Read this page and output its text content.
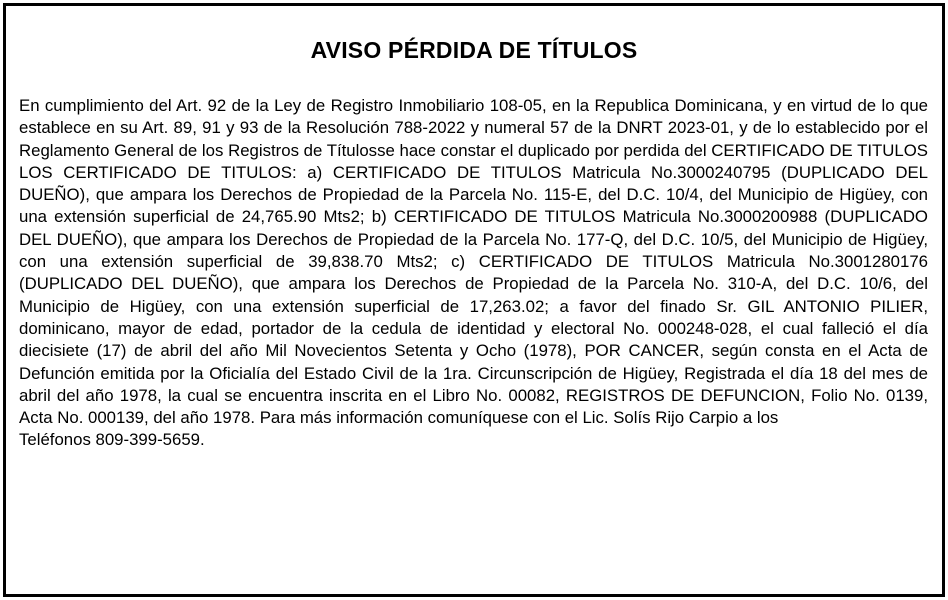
AVISO PÉRDIDA DE TÍTULOS

En cumplimiento del Art. 92 de la Ley de Registro Inmobiliario 108-05, en la Republica Dominicana, y en virtud de lo que establece en su Art. 89, 91 y 93 de la Resolución 788-2022 y numeral 57 de la DNRT 2023-01, y de lo establecido por el Reglamento General de los Registros de Títulosse hace constar el duplicado por perdida del CERTIFICADO DE TITULOS LOS CERTIFICADO DE TITULOS: a) CERTIFICADO DE TITULOS Matricula No.3000240795 (DUPLICADO DEL DUEÑO), que ampara los Derechos de Propiedad de la Parcela No. 115-E, del D.C. 10/4, del Municipio de Higüey, con una extensión superficial de 24,765.90 Mts2; b) CERTIFICADO DE TITULOS Matricula No.3000200988 (DUPLICADO DEL DUEÑO), que ampara los Derechos de Propiedad de la Parcela No. 177-Q, del D.C. 10/5, del Municipio de Higüey, con una extensión superficial de 39,838.70 Mts2; c) CERTIFICADO DE TITULOS Matricula No.3001280176 (DUPLICADO DEL DUEÑO), que ampara los Derechos de Propiedad de la Parcela No. 310-A, del D.C. 10/6, del Municipio de Higüey, con una extensión superficial de 17,263.02; a favor del finado Sr. GIL ANTONIO PILIER, dominicano, mayor de edad, portador de la cedula de identidad y electoral No. 000248-028, el cual falleció el día diecisiete (17) de abril del año Mil Novecientos Setenta y Ocho (1978), POR CANCER, según consta en el Acta de Defunción emitida por la Oficialía del Estado Civil de la 1ra. Circunscripción de Higüey, Registrada el día 18 del mes de abril del año 1978, la cual se encuentra inscrita en el Libro No. 00082, REGISTROS DE DEFUNCION, Folio No. 0139, Acta No. 000139, del año 1978. Para más información comuníquese con el Lic. Solís Rijo Carpio a los
Teléfonos 809-399-5659.
